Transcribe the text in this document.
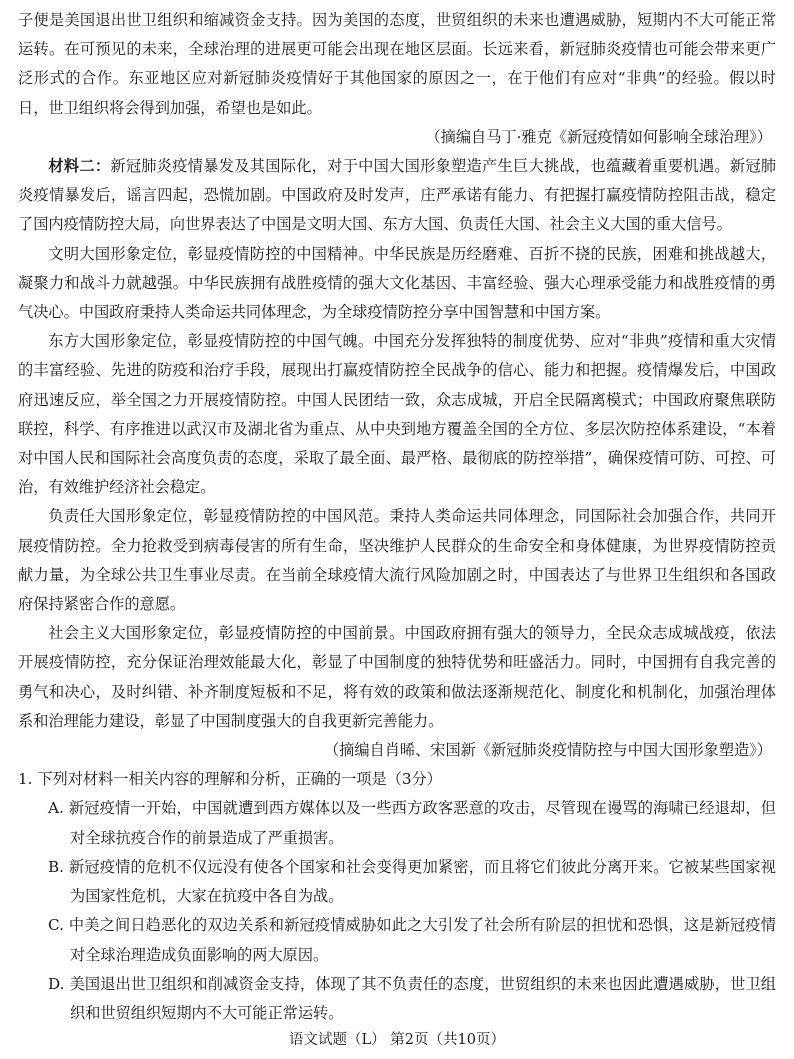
子便是美国退出世卫组织和缩减资金支持。因为美国的态度，世贸组织的未来也遭遇威胁，短期内不大可能正常运转。在可预见的未来，全球治理的进展更可能会出现在地区层面。长远来看，新冠肺炎疫情也可能会带来更广泛形式的合作。东亚地区应对新冠肺炎疫情好于其他国家的原因之一，在于他们有应对“非典”的经验。假以时日，世卫组织将会得到加强，希望也是如此。

（摘编自马丁·雅克《新冠疫情如何影响全球治理》）

材料二：新冠肺炎疫情暴发及其国际化，对于中国大国形象塑造产生巨大挑战，也蕴藏着重要机遇。新冠肺炎疫情暴发后，谣言四起，恐慌加剧。中国政府及时发声，庄严承诺有能力、有把握打赢疫情防控阻击战，稳定了国内疫情防控大局，向世界表达了中国是文明大国、东方大国、负责任大国、社会主义大国的重大信号。

文明大国形象定位，彰显疫情防控的中国精神。中华民族是历经磨难、百折不挠的民族，困难和挑战越大，凝聚力和战斗力就越强。中华民族拥有战胜疫情的强大文化基因、丰富经验、强大心理承受能力和战胜疫情的勇气决心。中国政府秉持人类命运共同体理念，为全球疫情防控分享中国智慧和中国方案。

东方大国形象定位，彰显疫情防控的中国气魄。中国充分发挥独特的制度优势、应对“非典”疫情和重大灾情的丰富经验、先进的防疫和治疗手段，展现出打赢疫情防控全民战争的信心、能力和把握。疫情爆发后，中国政府迅速反应，举全国之力开展疫情防控。中国人民团结一致，众志成城，开启全民隔离模式；中国政府聚焦联防联控，科学、有序推进以武汉市及湖北省为重点、从中央到地方覆盖全国的全方位、多层次防控体系建设，“本着对中国人民和国际社会高度负责的态度，采取了最全面、最严格、最彻底的防控举措”，确保疫情可防、可控、可治，有效维护经济社会稳定。

负责任大国形象定位，彰显疫情防控的中国风范。秉持人类命运共同体理念，同国际社会加强合作，共同开展疫情防控。全力抢救受到病毒侵害的所有生命，坚决维护人民群众的生命安全和身体健康，为世界疫情防控贡献力量，为全球公共卫生事业尽责。在当前全球疫情大流行风险加剧之时，中国表达了与世界卫生组织和各国政府保持紧密合作的意愿。

社会主义大国形象定位，彰显疫情防控的中国前景。中国政府拥有强大的领导力，全民众志成城战疫，依法开展疫情防控，充分保证治理效能最大化，彰显了中国制度的独特优势和旺盛活力。同时，中国拥有自我完善的勇气和决心，及时纠错、补齐制度短板和不足，将有效的政策和做法逐渐规范化、制度化和机制化，加强治理体系和治理能力建设，彰显了中国制度强大的自我更新完善能力。

（摘编自肖晞、宋国新《新冠肺炎疫情防控与中国大国形象塑造》）

1. 下列对材料一相关内容的理解和分析，正确的一项是（3分）

A. 新冠疫情一开始，中国就遭到西方媒体以及一些西方政客恶意的攻击，尽管现在谩骂的海啸已经退却，但对全球抗疫合作的前景造成了严重损害。

B. 新冠疫情的危机不仅远没有使各个国家和社会变得更加紧密，而且将它们彼此分离开来。它被某些国家视为国家性危机，大家在抗疫中各自为战。

C. 中美之间日趋恶化的双边关系和新冠疫情威胁如此之大引发了社会所有阶层的担忧和恐惧，这是新冠疫情对全球治理造成负面影响的两大原因。

D. 美国退出世卫组织和削减资金支持，体现了其不负责任的态度，世贸组织的未来也因此遭遇威胁，世卫组织和世贸组织短期内不大可能正常运转。

语文试题（L） 第2页（共10页）
